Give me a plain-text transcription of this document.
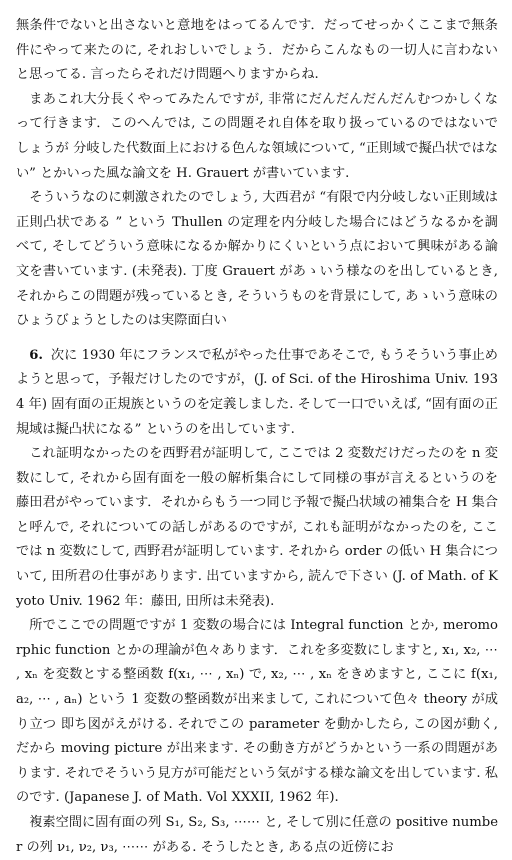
無条件でないと出さないと意地をはってるんです．だってせっかくここまで無条件にやって来たのに, それおしいでしょう．だからこんなもの一切人に言わないと思ってる. 言ったらそれだけ問題へりますからね.

まあこれ大分長くやってみたんですが, 非常にだんだんだんだんむつかしくなって行きます．このへんでは, この問題それ自体を取り扱っているのではないでしょうが 分岐した代数面上における色んな領域について, “正則域で擬凸状ではない” とかいった風な論文を H. Grauert が書いています.

そういうなのに刺激されたのでしょう, 大西君が “有限で内分岐しない正則域は正則凸状である ” という Thullen の定理を内分岐した場合にはどうなるかを調べて, そしてどういう意味になるか解かりにくいという点において興味がある論文を書いています. (未発表). 丁度 Grauert があゝいう様なのを出しているとき, それからこの問題が残っているとき, そういうものを背景にして, あゝいう意味のひょうびょうとしたのは実際面白い

6. 次に 1930 年にフランスで私がやった仕事であそこで, もうそういう事止めようと思って，予報だけしたのですが，(J. of Sci. of the Hiroshima Univ. 1934 年) 固有面の正規族というのを定義しました. そして一口でいえば, “固有面の正規域は擬凸状になる” というのを出しています.

これ証明なかったのを西野君が証明して, ここでは 2 変数だけだったのを n 変数にして, それから固有面を一般の解析集合にして同様の事が言えるというのを藤田君がやっています．それからもう一つ同じ予報で擬凸状域の補集合を H 集合と呼んで, それについての話しがあるのですが, これも証明がなかったのを, ここでは n 変数にして, 西野君が証明しています. それから order の低い H 集合について, 田所君の仕事があります. 出ていますから, 読んで下さい (J. of Math. of Kyoto Univ. 1962 年：藤田, 田所は未発表).

所でここでの問題ですが 1 変数の場合には Integral function とか, meromorphic function とかの理論が色々あります．これを多変数にしますと, x₁, x₂, ⋯ , xₙ を変数とする整函数 f(x₁, ⋯ , xₙ) で, x₂, ⋯ , xₙ をきめますと, ここに f(x₁, a₂, ⋯ , aₙ) という 1 変数の整函数が出来まして, これについて色々 theory が成り立つ 即ち図がえがける. それでこの parameter を動かしたら, この図が動く, だから moving picture が出来ます. その動き方がどうかという一系の問題があります. それでそういう見方が可能だという気がする様な論文を出しています. 私のです. (Japanese J. of Math. Vol XXXII, 1962 年).

複素空間に固有面の列 S₁, S₂, S₃, ⋯⋯ と, そして別に任意の positive number の列 ν₁, ν₂, ν₃, ⋯⋯ がある. そうしたとき, ある点の近傍にお
